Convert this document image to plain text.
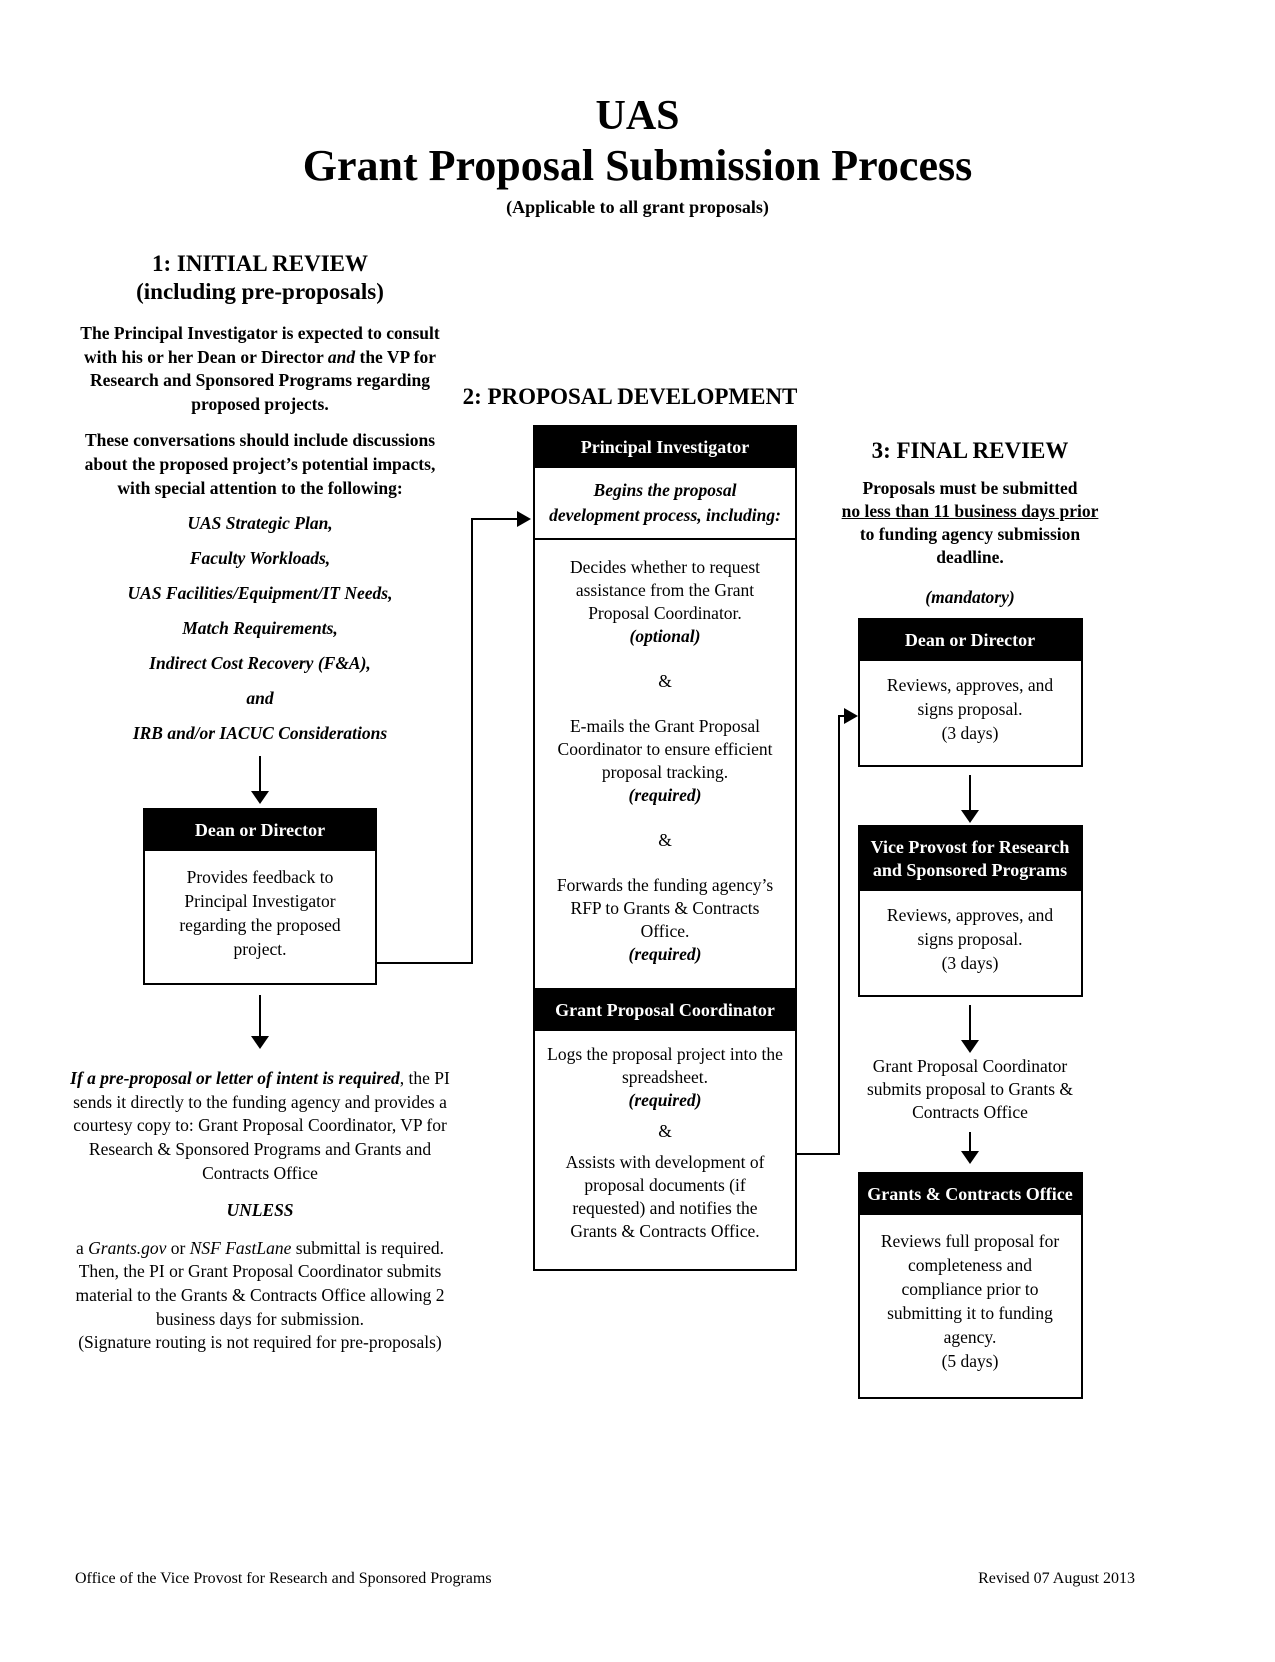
UAS
Grant Proposal Submission Process
(Applicable to all grant proposals)
1: INITIAL REVIEW
(including pre-proposals)

The Principal Investigator is expected to consult with his or her Dean or Director and the VP for Research and Sponsored Programs regarding proposed projects.

These conversations should include discussions about the proposed project’s potential impacts, with special attention to the following:

UAS Strategic Plan,
Faculty Workloads,
UAS Facilities/Equipment/IT Needs,
Match Requirements,
Indirect Cost Recovery (F&A),
and
IRB and/or IACUC Considerations
Dean or Director
Provides feedback to Principal Investigator regarding the proposed project.

If a pre-proposal or letter of intent is required, the PI sends it directly to the funding agency and provides a courtesy copy to: Grant Proposal Coordinator, VP for Research & Sponsored Programs and Grants and Contracts Office

UNLESS

a Grants.gov or NSF FastLane submittal is required. Then, the PI or Grant Proposal Coordinator submits material to the Grants & Contracts Office allowing 2 business days for submission.
(Signature routing is not required for pre-proposals)

2: PROPOSAL DEVELOPMENT
Principal Investigator
Begins the proposal development process, including:

Decides whether to request assistance from the Grant Proposal Coordinator.
(optional)

&

E-mails the Grant Proposal Coordinator to ensure efficient proposal tracking.
(required)

&

Forwards the funding agency’s RFP to Grants & Contracts Office.
(required)

Grant Proposal Coordinator

Logs the proposal project into the spreadsheet.
(required)

&

Assists with development of proposal documents (if requested) and notifies the Grants & Contracts Office.

3: FINAL REVIEW

Proposals must be submitted
no less than 11 business days prior
to funding agency submission deadline.

(mandatory)

Dean or Director
Reviews, approves, and signs proposal.
(3 days)
Vice Provost for Research and Sponsored Programs
Reviews, approves, and signs proposal.
(3 days)

Grant Proposal Coordinator submits proposal to Grants & Contracts Office

Grants & Contracts Office
Reviews full proposal for completeness and compliance prior to submitting it to funding agency.
(5 days)
Office of the Vice Provost for Research and Sponsored Programs	Revised 07 August 2013
